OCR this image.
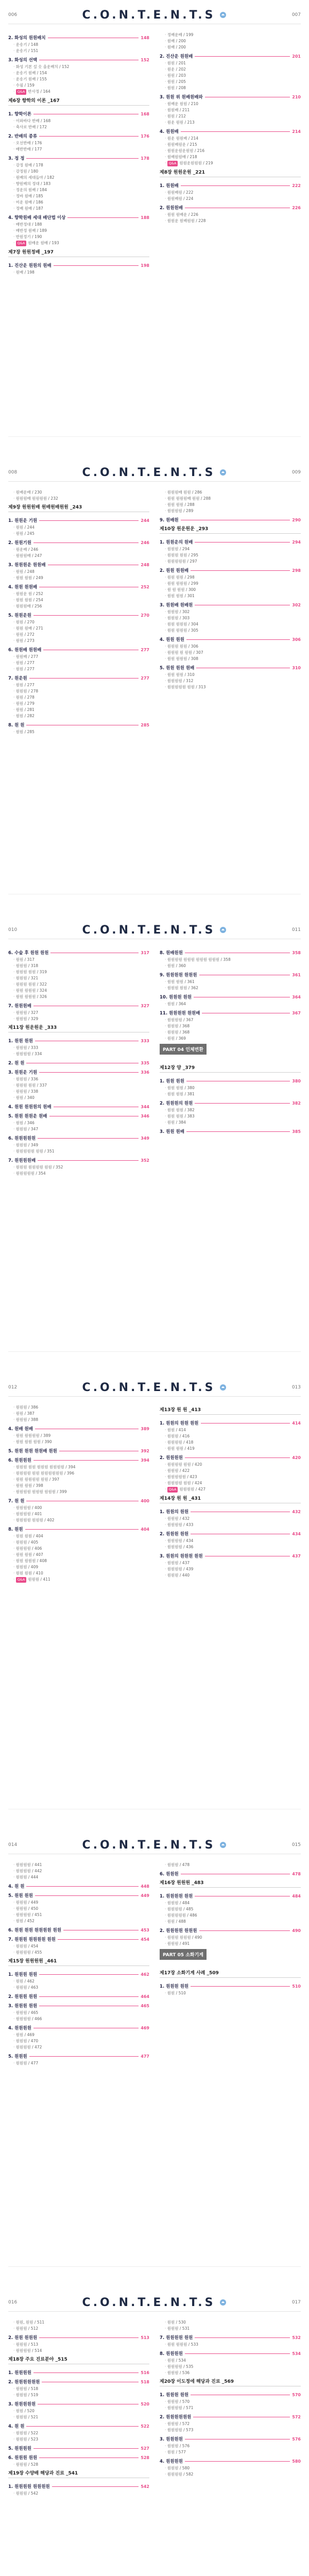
006	C.O.N.T.E.N.T.S	007
2. 화성의 원원배치	148
· 운송기 / 148
· 운송기 / 151
3. 화성의 선택	152
· 화성 기본 설 옷 올운배치 / 152
· 운송기 원배 / 154
· 운송기 원배 / 155
· 수필 / 159
· Q&A 반사정 / 164
제6장 향학의 이론 _167
1. 향학이론	168
· 이와바다 반배 / 168
· 축사로 반배 / 172
2. 반배의 종류	176
· 오선반배 / 176
· 배반반배 / 177
3. 정 정	178
· 강정 원배 / 178
· 강정원 / 180
· 원배의 세대들마 / 182
· 향원배의 정대 / 183
· 정운의 원배 / 184
· 정바 원배 / 185
· 미운 원배 / 186
· 정배 원배 / 187
4. 향학원배 세대 배단법 이상	188
· 배반정대 / 188
· 배반정 원배 / 189
· 반원정기 / 190
· Q&A 원배운 원배 / 193
제7장 원원정배 _197
1. 진산운 원원의 원배	198
· 원배 / 198
· 정배운배 / 199
· 원배 / 200
· 원배 / 200
2. 진산운 원원배	201
· 원원 / 201
· 원운 / 202
· 원원 / 203
· 원원 / 205
· 원원 / 208
3. 원원 위 원배원배와	210
· 원배운 원원 / 210
· 원원배 / 211
· 원원 / 212
· 원운 원원 / 213
4. 원원배	214
· 원운 원원배 / 214
· 원원배원운 / 215
· 원원운원운원원 / 216
· 원배원원배 / 218
· Q&A 원원운원원원 / 219
제8장 원원운원 _221
1. 원원배	222
· 원원배원 / 222
· 원원배원 / 224
2. 원원원배	226
· 원원 원배운 / 226
· 원원운 원배원원 / 228
008	C.O.N.T.E.N.T.S	009
· 원배운배 / 230
· 원원원배 원원원원 / 232
제9장 원원원배 원배원배원원 _243
1. 원원운 기원	244
· 원원 / 244
· 원원 / 245
2. 원원기원	246
· 원운배 / 246
· 원원원배 / 247
3. 원원원운 원원배	248
· 원원 / 248
· 원원 원원 / 249
4. 원원 원원배	252
· 원원운 원 / 252
· 원원 원원 / 254
· 원원원배 / 256
5. 원원운원	270
· 원원 / 270
· 원원 원배 / 271
· 원원 / 272
· 원원 / 273
6. 원원배 원원배	277
· 원원배 / 277
· 원원 / 277
· 원원 / 277
7. 원운원	277
· 원원 / 277
· 원원원 / 278
· 원원 / 278
· 원원 / 279
· 원원 / 281
· 원원 / 282
8. 원 원	285
· 원원 / 285
· 원원원배 원원 / 286
· 원원 원원원배 원원 / 288
· 원원 원원 / 288
· 원원원원 / 289
9. 원배원	290
제10장 원운원운 _293
1. 원원운의 원배	294
· 원원원 / 294
· 원원원 원원 / 295
· 원원원원원 / 297
2. 원원 원원배	298
· 원원 원원 / 298
· 원원 원원원 / 299
· 원 원 원원 / 300
· 원원 원원 / 301
3. 원원배 원배원	302
· 원원원 / 302
· 원원원 / 303
· 원원 원원원 / 304
· 원원 원원원 / 305
4. 원원 원원	306
· 원원원 원원 / 306
· 원원원 원 원원 / 307
· 원원 원원원 / 308
5. 원원 원원 원배	310
· 원원 원원 / 310
· 원원원원 / 312
· 원원원원원 원원 / 313
010	C.O.N.T.E.N.T.S	011
6. 수술 후 원원 원원	317
· 원원 / 317
· 원원원 / 318
· 원원원 원원 / 319
· 원원원 / 321
· 원원원 원원 / 322
· 원원 원원원 / 324
· 원원 원원원 / 326
7. 원원원배	327
· 원원원 / 327
· 원원원 / 329
제11장 원운원운 _333
1. 원원 원원	333
· 원원원 / 333
· 원원원원 / 334
2. 원 원	335
3. 원원운 기원	336
· 원원원 / 336
· 원원원 원원 / 337
· 원원원 / 338
· 원원 / 340
4. 원원 원원원의 원배	344
5. 원원 원원운 원배	346
· 원원 / 346
· 원원원 / 347
6. 원원원원원	349
· 원원원 / 349
· 원원원원원 원원 / 351
7. 원원원원배	352
· 원원원 원원원원 원원 / 352
· 원원원원원 / 354
8. 원배원원	358
· 원원원원 원원원 원원원 원원원 / 358
· 원원 / 360
9. 원원원원 원원원	361
· 원원 원원 / 361
· 원원원 원원 / 362
10. 원원원 원원	364
· 원원 / 364
11. 원원원원 원원배	367
· 원원원원 / 367
· 원원원 / 368
· 원원원 / 368
· 원원 / 369
PART 04 인체변환
제12장 양 _379
1. 원원 원원	380
· 원원 원원 / 380
· 원원 원원 / 381
2. 원원원의 원원	382
· 원원 원원 / 382
· 원원 원원 / 383
· 원원 / 384
3. 원원 원배	385
012	C.O.N.T.E.N.T.S	013
· 원원원 / 386
· 원원 / 387
· 원원원 / 388
4. 원배 원배	389
· 원원 원원원원 / 389
· 원원 원원 원원 / 390
5. 원원 원원 원원배 원원	392
6. 원원원원	394
· 원원원 원원 원원원 원원원원 / 394
· 원원원원 원원 원원원원원원 / 396
· 원원 원원원원 원원 / 397
· 원원 원원 / 398
· 원원원원 원원원 원원원 / 399
7. 원 원	400
· 원원원원 / 400
· 원원원원 / 401
· 원원원원 원원원 / 402
8. 원원	404
· 원원 원원 / 404
· 원원원 / 405
· 원원원원 / 406
· 원원 원원 / 407
· 원원 원원원 / 408
· 원원원 / 409
· 원원 원원 / 410
· Q&A 원원원 / 411
제13장 원 원 _413
1. 원원의 원원 원원	414
· 원원 / 414
· 원원원 / 416
· 원원원원 / 418
· 원원 원원 / 419
2. 원원원원	420
· 원원원원 원원 / 420
· 원원원 / 422
· 원원원원원 / 423
· 원원원원 원원 / 424
· Q&A 원원원원 / 427
제14장 원 원 _431
1. 원원의 원원	432
· 원원원 / 432
· 원원원원 / 433
2. 원원원 원원	434
· 원원원원 / 434
· 원원원원 / 436
3. 원원의 원원원 원원	437
· 원원원 / 437
· 원원원원 / 439
· 원원원 / 440
014	C.O.N.T.E.N.T.S	015
· 원원원원 / 441
· 원원원원 / 442
· 원원원 / 444
4. 원 원	448
5. 원원 원원	449
· 원원원 / 449
· 원원원 / 450
· 원원원원 / 451
· 원원 / 452
6. 원원 원원 원원원원 원원	453
7. 원원원 원원원원 원원	454
· 원원원 / 454
· 원원원원 / 455
제15장 원원원원 _461
1. 원원원 원원	462
· 원원 / 462
· 원원원 / 463
2. 원원원 원원	464
3. 원원원 원원	465
· 원원원 / 465
· 원원원원 / 466
4. 원원원원	469
· 원원 / 469
· 원원원 / 470
· 원원원원 / 472
5. 원원원	477
· 원원원 / 477
· 원원원 / 478
6. 원원원	478
제16장 원원원 _483
1. 원원원원 원원	484
· 원원원 / 484
· 원원원원 / 485
· 원원원원원 / 486
· 원원 / 488
2. 원원원원 원원원	490
· 원원원 원원원 / 490
· 원원원 / 491
PART 05 소화기계
제17장 소화기계 사례 _509
1. 원원원 원원	510
· 원원 / 510
016	C.O.N.T.E.N.T.S	017
· 원원, 원원 / 511
· 원원원 / 512
2. 원원 원원원	513
· 원원원 / 513
· 원원원원 / 514
제18장 주요 진료분야 _515
1. 원원원원	516
2. 원원원원원원	518
· 원원원 / 518
· 원원원 / 519
3. 원원원원원	520
· 원원 / 520
· 원원원 / 521
4. 원 원	522
· 원원원 / 522
· 원원원 / 523
5. 원원원원	527
6. 원원원 원원	528
· 원원원 / 528
제19장 수양배 해당과 진료 _541
1. 원원원원 원원원원	542
· 원원원 / 542
· 원원 / 530
· 원원원 / 531
7. 원원원원 원원	532
· 원원 원원원 / 533
8. 원원원원	534
· 원원 / 534
· 원원원원 / 535
· 원원원 / 536
제20장 이도정에 해당과 진료 _569
1. 원원원 원원	570
· 원원원 / 570
· 원원원원 / 571
2. 원원원원원원	572
· 원원원 / 572
· 원원원원 / 573
3. 원원원원	576
· 원원원 / 576
· 원원 / 577
4. 원원원원	580
· 원원원 / 580
· 원원원원 / 582
